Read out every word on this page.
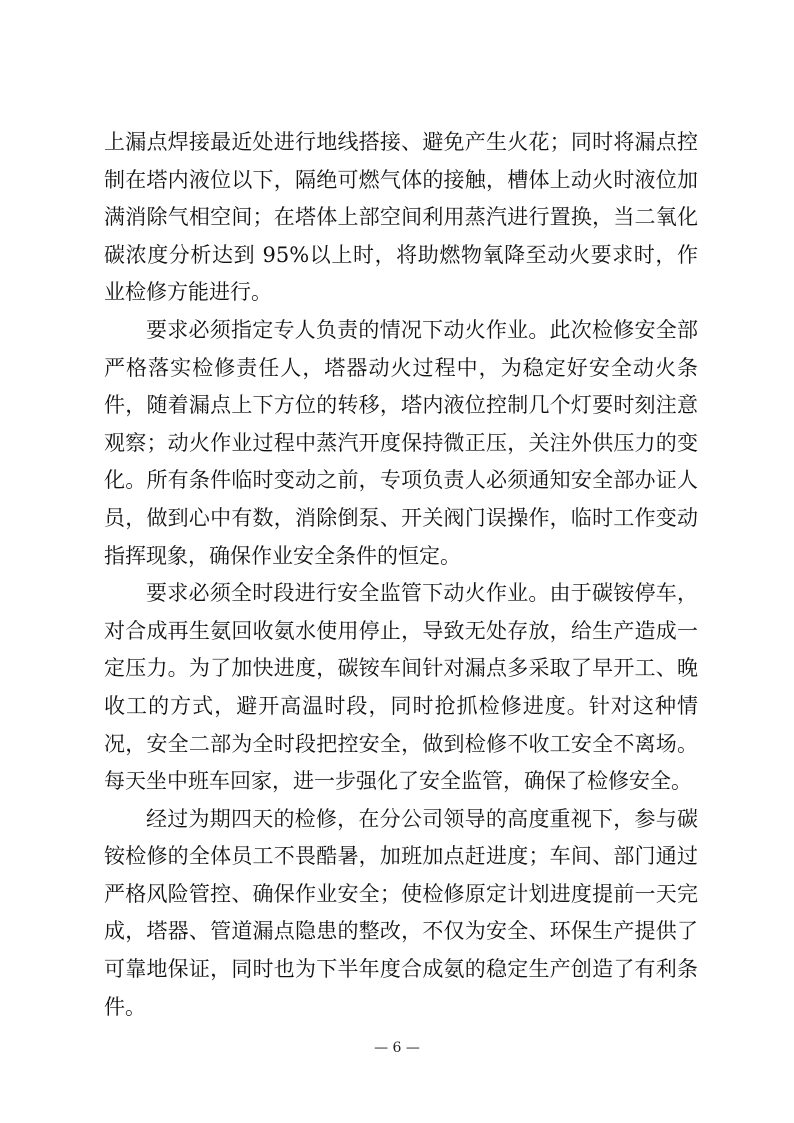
上漏点焊接最近处进行地线搭接、避免产生火花；同时将漏点控制在塔内液位以下，隔绝可燃气体的接触，槽体上动火时液位加满消除气相空间；在塔体上部空间利用蒸汽进行置换，当二氧化碳浓度分析达到 95%以上时，将助燃物氧降至动火要求时，作业检修方能进行。

要求必须指定专人负责的情况下动火作业。此次检修安全部严格落实检修责任人，塔器动火过程中，为稳定好安全动火条件，随着漏点上下方位的转移，塔内液位控制几个灯要时刻注意观察；动火作业过程中蒸汽开度保持微正压，关注外供压力的变化。所有条件临时变动之前，专项负责人必须通知安全部办证人员，做到心中有数，消除倒泵、开关阀门误操作，临时工作变动指挥现象，确保作业安全条件的恒定。

要求必须全时段进行安全监管下动火作业。由于碳铵停车，对合成再生氨回收氨水使用停止，导致无处存放，给生产造成一定压力。为了加快进度，碳铵车间针对漏点多采取了早开工、晚收工的方式，避开高温时段，同时抢抓检修进度。针对这种情况，安全二部为全时段把控安全，做到检修不收工安全不离场。每天坐中班车回家，进一步强化了安全监管，确保了检修安全。

经过为期四天的检修，在分公司领导的高度重视下，参与碳铵检修的全体员工不畏酷暑，加班加点赶进度；车间、部门通过严格风险管控、确保作业安全；使检修原定计划进度提前一天完成，塔器、管道漏点隐患的整改，不仅为安全、环保生产提供了可靠地保证，同时也为下半年度合成氨的稳定生产创造了有利条件。

— 6 —
